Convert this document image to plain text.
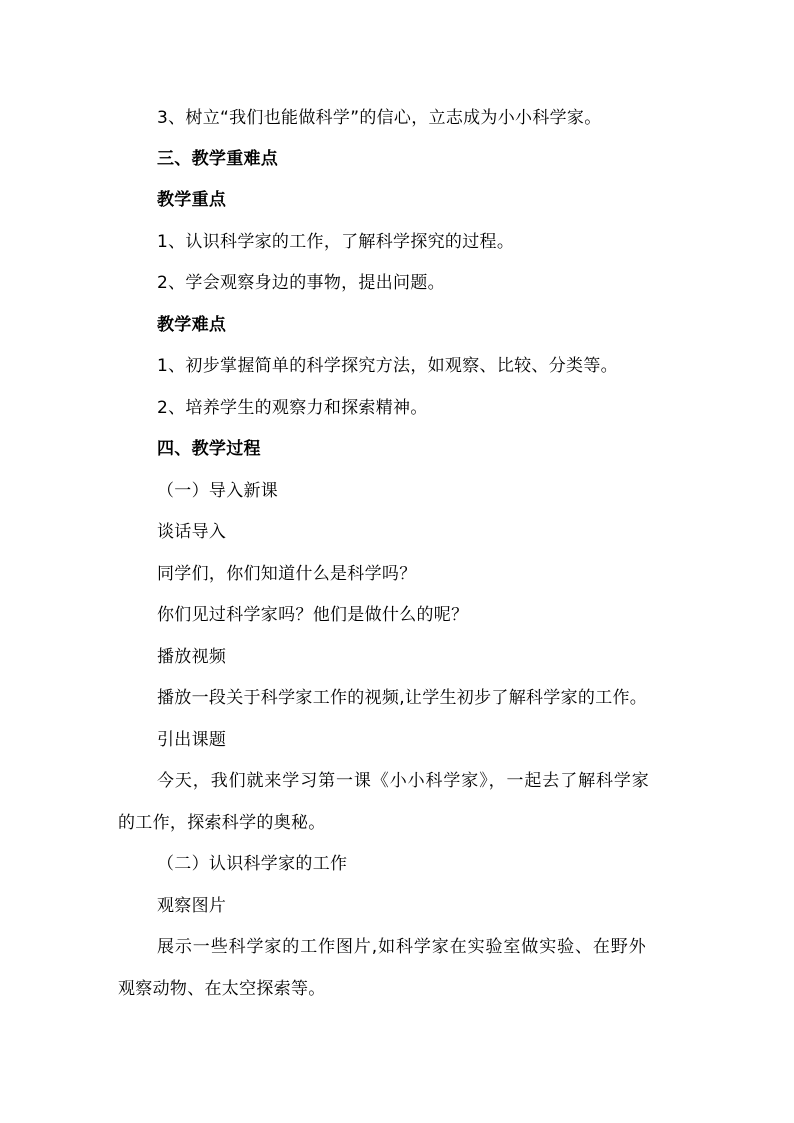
3、树立“我们也能做科学”的信心，立志成为小小科学家。
三、教学重难点
教学重点
1、认识科学家的工作，了解科学探究的过程。
2、学会观察身边的事物，提出问题。
教学难点
1、初步掌握简单的科学探究方法，如观察、比较、分类等。
2、培养学生的观察力和探索精神。
四、教学过程
（一）导入新课
谈话导入
同学们，你们知道什么是科学吗？
你们见过科学家吗？他们是做什么的呢？
播放视频
播放一段关于科学家工作的视频,让学生初步了解科学家的工作。
引出课题
今天，我们就来学习第一课《小小科学家》，一起去了解科学家
的工作，探索科学的奥秘。
（二）认识科学家的工作
观察图片
展示一些科学家的工作图片,如科学家在实验室做实验、在野外
观察动物、在太空探索等。
